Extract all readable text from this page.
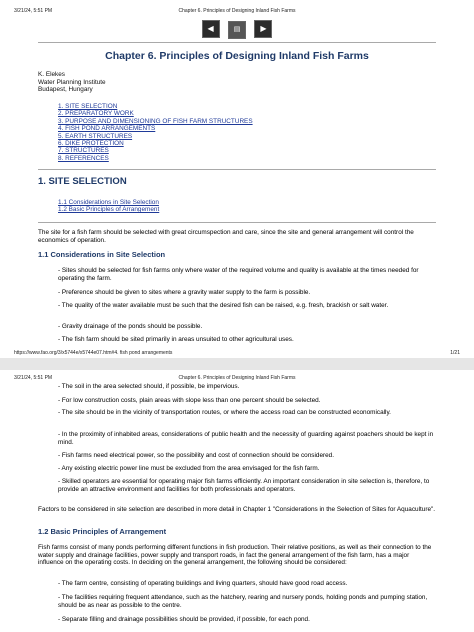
3/21/24, 5:51 PM	Chapter 6. Principles of Designing Inland Fish Farms
◀	▤	▶
Chapter 6. Principles of Designing Inland Fish Farms

K. Elekes

Water Planning Institute

Budapest, Hungary

1. SITE SELECTION
2. PREPARATORY WORK
3. PURPOSE AND DIMENSIONING OF FISH FARM STRUCTURES
4. FISH POND ARRANGEMENTS
5. EARTH STRUCTURES
6. DIKE PROTECTION
7. STRUCTURES
8. REFERENCES
1. SITE SELECTION
1.1 Considerations in Site Selection
1.2 Basic Principles of Arrangement

The site for a fish farm should be selected with great circumspection and care, since the site and general arrangement will control the economics of operation.

1.1 Considerations in Site Selection

- Sites should be selected for fish farms only where water of the required volume and quality is available at the times needed for operating the farm.

- Preference should be given to sites where a gravity water supply to the farm is possible.

- The quality of the water available must be such that the desired fish can be raised, e.g. fresh, brackish or salt water.

- Gravity drainage of the ponds should be possible.

- The fish farm should be sited primarily in areas unsuited to other agricultural uses.

https://www.fao.org/3/x5744e/x5744e07.htm#4. fish pond arrangements	1/21
3/21/24, 5:51 PM	Chapter 6. Principles of Designing Inland Fish Farms

- The soil in the area selected should, if possible, be impervious.

- For low construction costs, plain areas with slope less than one percent should be selected.

- The site should be in the vicinity of transportation routes, or where the access road can be constructed economically.

- In the proximity of inhabited areas, considerations of public health and the necessity of guarding against poachers should be kept in mind.

- Fish farms need electrical power, so the possibility and cost of connection should be considered.

- Any existing electric power line must be excluded from the area envisaged for the fish farm.

- Skilled operators are essential for operating major fish farms efficiently. An important consideration in site selection is, therefore, to provide an attractive environment and facilities for both professionals and operators.

Factors to be considered in site selection are described in more detail in Chapter 1 "Considerations in the Selection of Sites for Aquaculture".

1.2 Basic Principles of Arrangement

Fish farms consist of many ponds performing different functions in fish production. Their relative positions, as well as their connection to the water supply and drainage facilities, power supply and transport roads, in fact the general arrangement of the fish farm, has a major influence on the operating costs. In deciding on the general arrangement, the following should be considered:

- The farm centre, consisting of operating buildings and living quarters, should have good road access.

- The facilities requiring frequent attendance, such as the hatchery, rearing and nursery ponds, holding ponds and pumping station, should be as near as possible to the centre.

- Separate filling and drainage possibilities should be provided, if possible, for each pond.
